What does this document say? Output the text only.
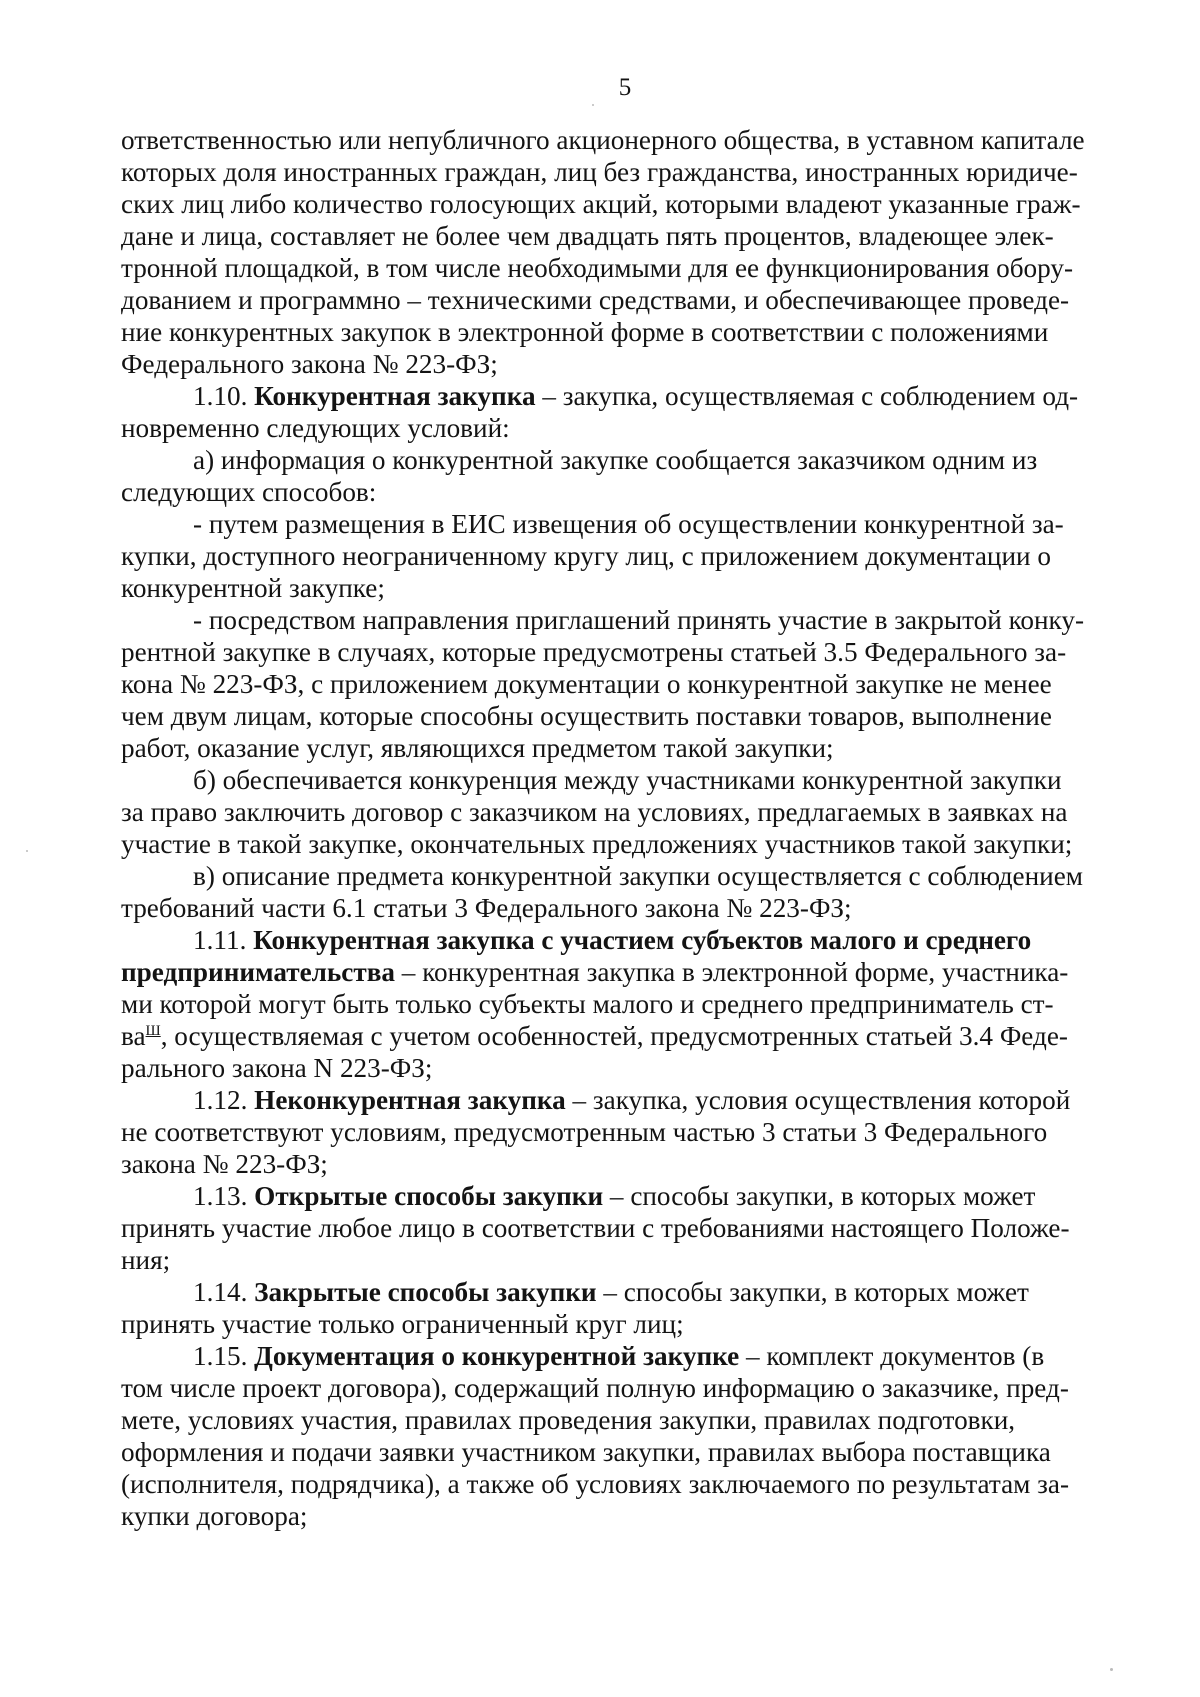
5
ответственностью или непубличного акционерного общества, в уставном капитале
которых доля иностранных граждан, лиц без гражданства, иностранных юридиче-
ских лиц либо количество голосующих акций, которыми владеют указанные граж-
дане и лица, составляет не более чем двадцать пять процентов, владеющее элек-
тронной площадкой, в том числе необходимыми для ее функционирования обору-
дованием и программно – техническими средствами, и обеспечивающее проведе-
ние конкурентных закупок в электронной форме в соответствии с положениями
Федерального закона № 223-ФЗ;
1.10. Конкурентная закупка – закупка, осуществляемая с соблюдением од-
новременно следующих условий:
а) информация о конкурентной закупке сообщается заказчиком одним из
следующих способов:
- путем размещения в ЕИС извещения об осуществлении конкурентной за-
купки, доступного неограниченному кругу лиц, с приложением документации о
конкурентной закупке;
- посредством направления приглашений принять участие в закрытой конку-
рентной закупке в случаях, которые предусмотрены статьей 3.5 Федерального за-
кона № 223-ФЗ, с приложением документации о конкурентной закупке не менее
чем двум лицам, которые способны осуществить поставки товаров, выполнение
работ, оказание услуг, являющихся предметом такой закупки;
б) обеспечивается конкуренция между участниками конкурентной закупки
за право заключить договор с заказчиком на условиях, предлагаемых в заявках на
участие в такой закупке, окончательных предложениях участников такой закупки;
в) описание предмета конкурентной закупки осуществляется с соблюдением
требований части 6.1 статьи 3 Федерального закона № 223-ФЗ;
1.11. Конкурентная закупка с участием субъектов малого и среднего
предпринимательства – конкурентная закупка в электронной форме, участника-
ми которой могут быть только субъекты малого и среднего предприниматель ст-
$ва^Ш$, осуществляемая с учетом особенностей, предусмотренных статьей 3.4 Феде-
рального закона N 223-ФЗ;
1.12. Неконкурентная закупка – закупка, условия осуществления которой
не соответствуют условиям, предусмотренным частью 3 статьи 3 Федерального
закона № 223-ФЗ;
1.13. Открытые способы закупки – способы закупки, в которых может
принять участие любое лицо в соответствии с требованиями настоящего Положе-
ния;
1.14. Закрытые способы закупки – способы закупки, в которых может
принять участие только ограниченный круг лиц;
1.15. Документация о конкурентной закупке – комплект документов (в
том числе проект договора), содержащий полную информацию о заказчике, пред-
мете, условиях участия, правилах проведения закупки, правилах подготовки,
оформления и подачи заявки участником закупки, правилах выбора поставщика
(исполнителя, подрядчика), а также об условиях заключаемого по результатам за-
купки договора;
